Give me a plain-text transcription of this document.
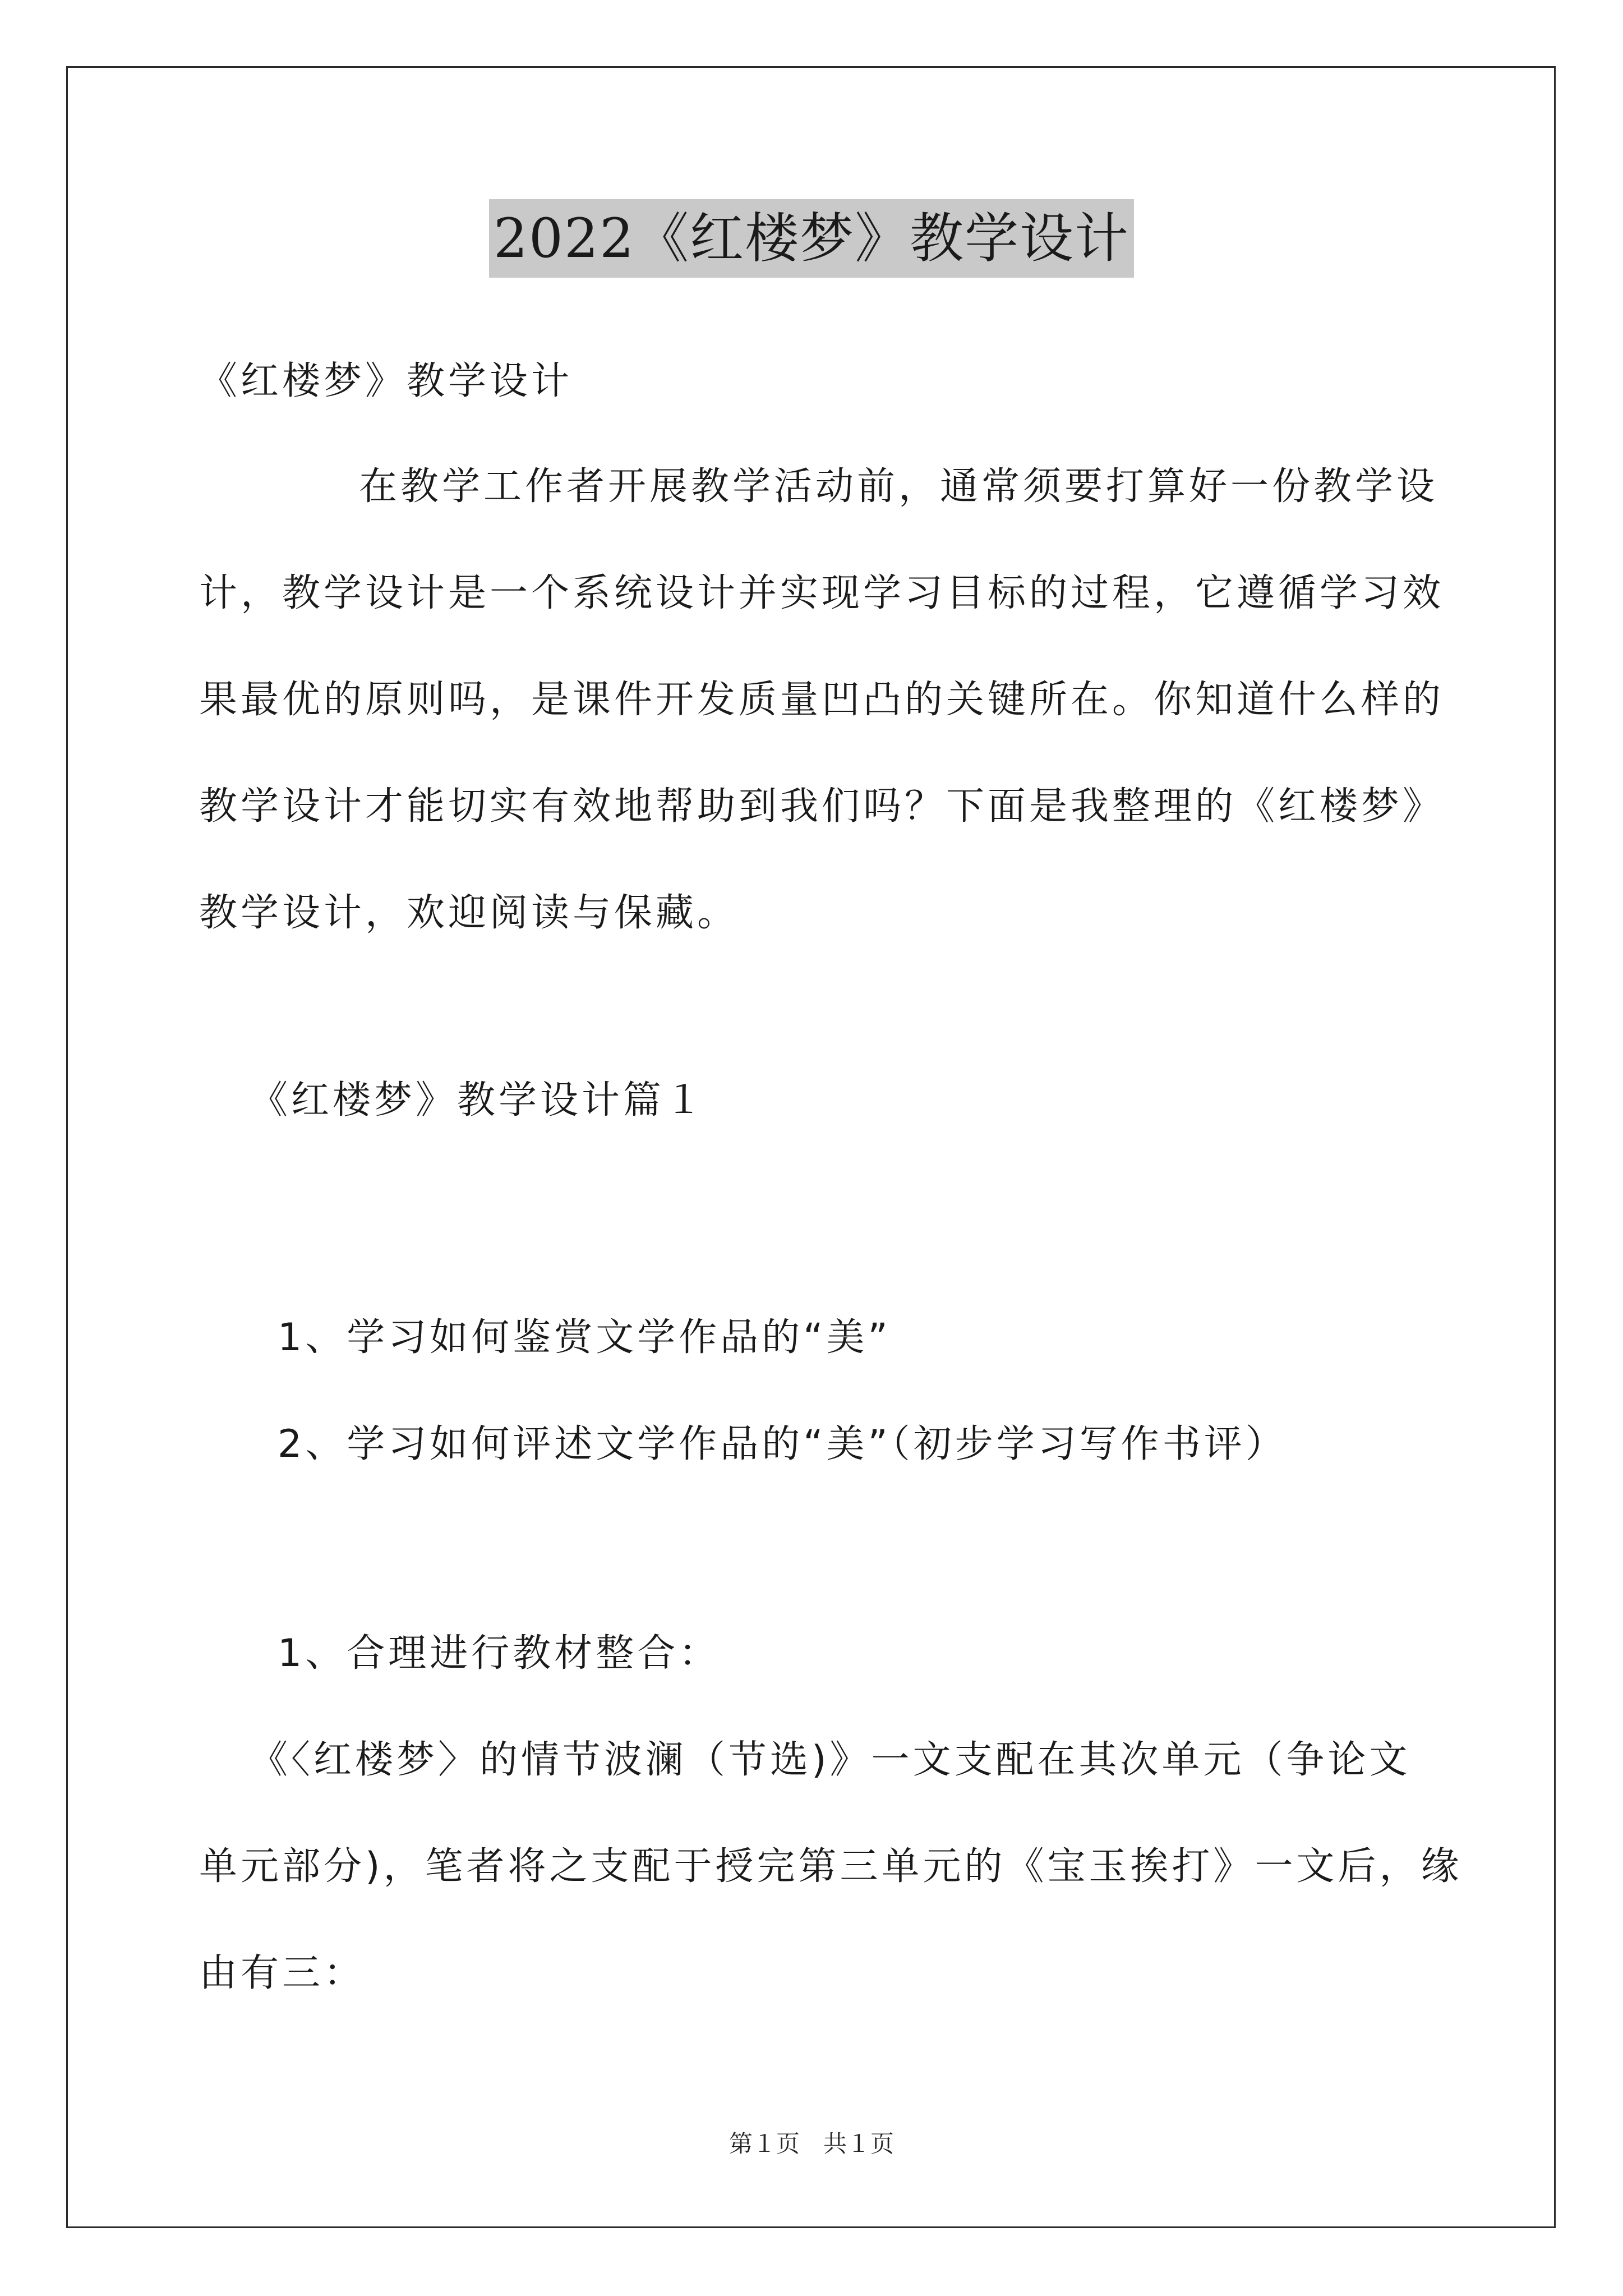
2022《红楼梦》教学设计
《红楼梦》教学设计
在教学工作者开展教学活动前，通常须要打算好一份教学设
计，教学设计是一个系统设计并实现学习目标的过程，它遵循学习效
果最优的原则吗，是课件开发质量凹凸的关键所在。你知道什么样的
教学设计才能切实有效地帮助到我们吗？下面是我整理的《红楼梦》
教学设计，欢迎阅读与保藏。
《红楼梦》教学设计篇１
1、学习如何鉴赏文学作品的“美”
2、学习如何评述文学作品的“美”（初步学习写作书评）
1、合理进行教材整合：
《〈红楼梦〉的情节波澜（节选)》一文支配在其次单元（争论文
单元部分)，笔者将之支配于授完第三单元的《宝玉挨打》一文后，缘
由有三：
第１页　共１页
